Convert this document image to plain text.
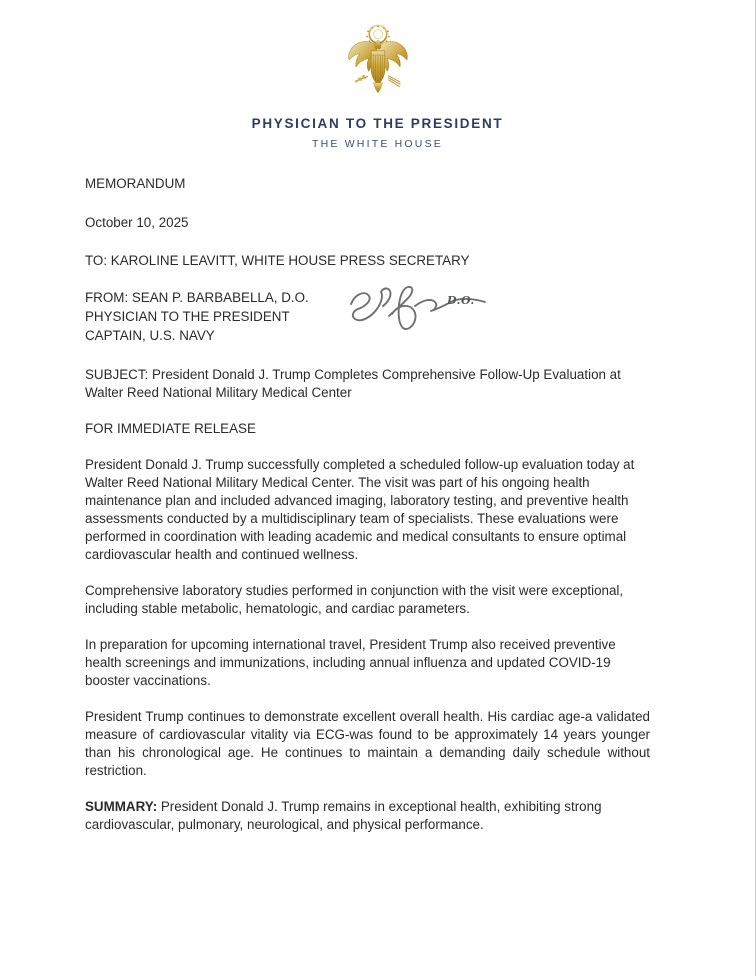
PHYSICIAN TO THE PRESIDENT
THE WHITE HOUSE
MEMORANDUM
October 10, 2025
TO: KAROLINE LEAVITT, WHITE HOUSE PRESS SECRETARY
FROM: SEAN P. BARBABELLA, D.O.
PHYSICIAN TO THE PRESIDENT
CAPTAIN, U.S. NAVY
D.O.

SUBJECT: President Donald J. Trump Completes Comprehensive Follow-Up Evaluation at Walter Reed National Military Medical Center

FOR IMMEDIATE RELEASE

President Donald J. Trump successfully completed a scheduled follow-up evaluation today at Walter Reed National Military Medical Center. The visit was part of his ongoing health maintenance plan and included advanced imaging, laboratory testing, and preventive health assessments conducted by a multidisciplinary team of specialists. These evaluations were performed in coordination with leading academic and medical consultants to ensure optimal cardiovascular health and continued wellness.

Comprehensive laboratory studies performed in conjunction with the visit were exceptional, including stable metabolic, hematologic, and cardiac parameters.

In preparation for upcoming international travel, President Trump also received preventive health screenings and immunizations, including annual influenza and updated COVID-19 booster vaccinations.

President Trump continues to demonstrate excellent overall health. His cardiac age-a validated measure of cardiovascular vitality via ECG-was found to be approximately 14 years younger than his chronological age. He continues to maintain a demanding daily schedule without restriction.

SUMMARY: President Donald J. Trump remains in exceptional health, exhibiting strong cardiovascular, pulmonary, neurological, and physical performance.
